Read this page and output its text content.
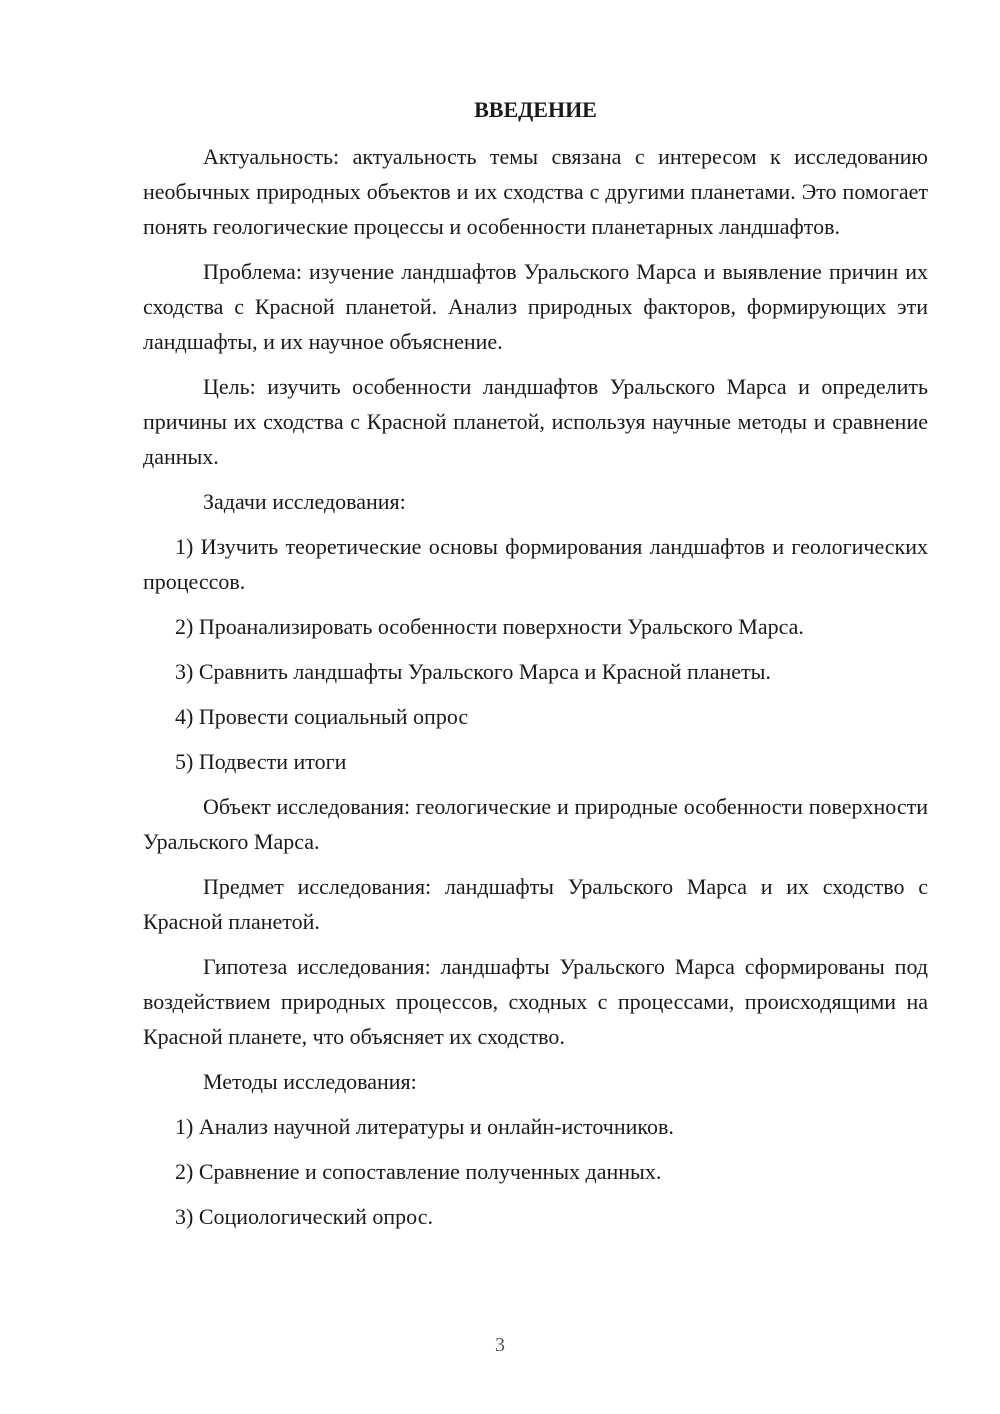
ВВЕДЕНИЕ

Актуальность: актуальность темы связана с интересом к исследованию необычных природных объектов и их сходства с другими планетами. Это помогает понять геологические процессы и особенности планетарных ландшафтов.

Проблема: изучение ландшафтов Уральского Марса и выявление причин их сходства с Красной планетой. Анализ природных факторов, формирующих эти ландшафты, и их научное объяснение.

Цель: изучить особенности ландшафтов Уральского Марса и определить причины их сходства с Красной планетой, используя научные методы и сравнение данных.

Задачи исследования:

1) Изучить теоретические основы формирования ландшафтов и геологических процессов.

2) Проанализировать особенности поверхности Уральского Марса.

3) Сравнить ландшафты Уральского Марса и Красной планеты.

4) Провести социальный опрос

5) Подвести итоги

Объект исследования: геологические и природные особенности поверхности Уральского Марса.

Предмет исследования: ландшафты Уральского Марса и их сходство с Красной планетой.

Гипотеза исследования: ландшафты Уральского Марса сформированы под воздействием природных процессов, сходных с процессами, происходящими на Красной планете, что объясняет их сходство.

Методы исследования:

1) Анализ научной литературы и онлайн-источников.

2) Сравнение и сопоставление полученных данных.

3) Социологический опрос.

3
